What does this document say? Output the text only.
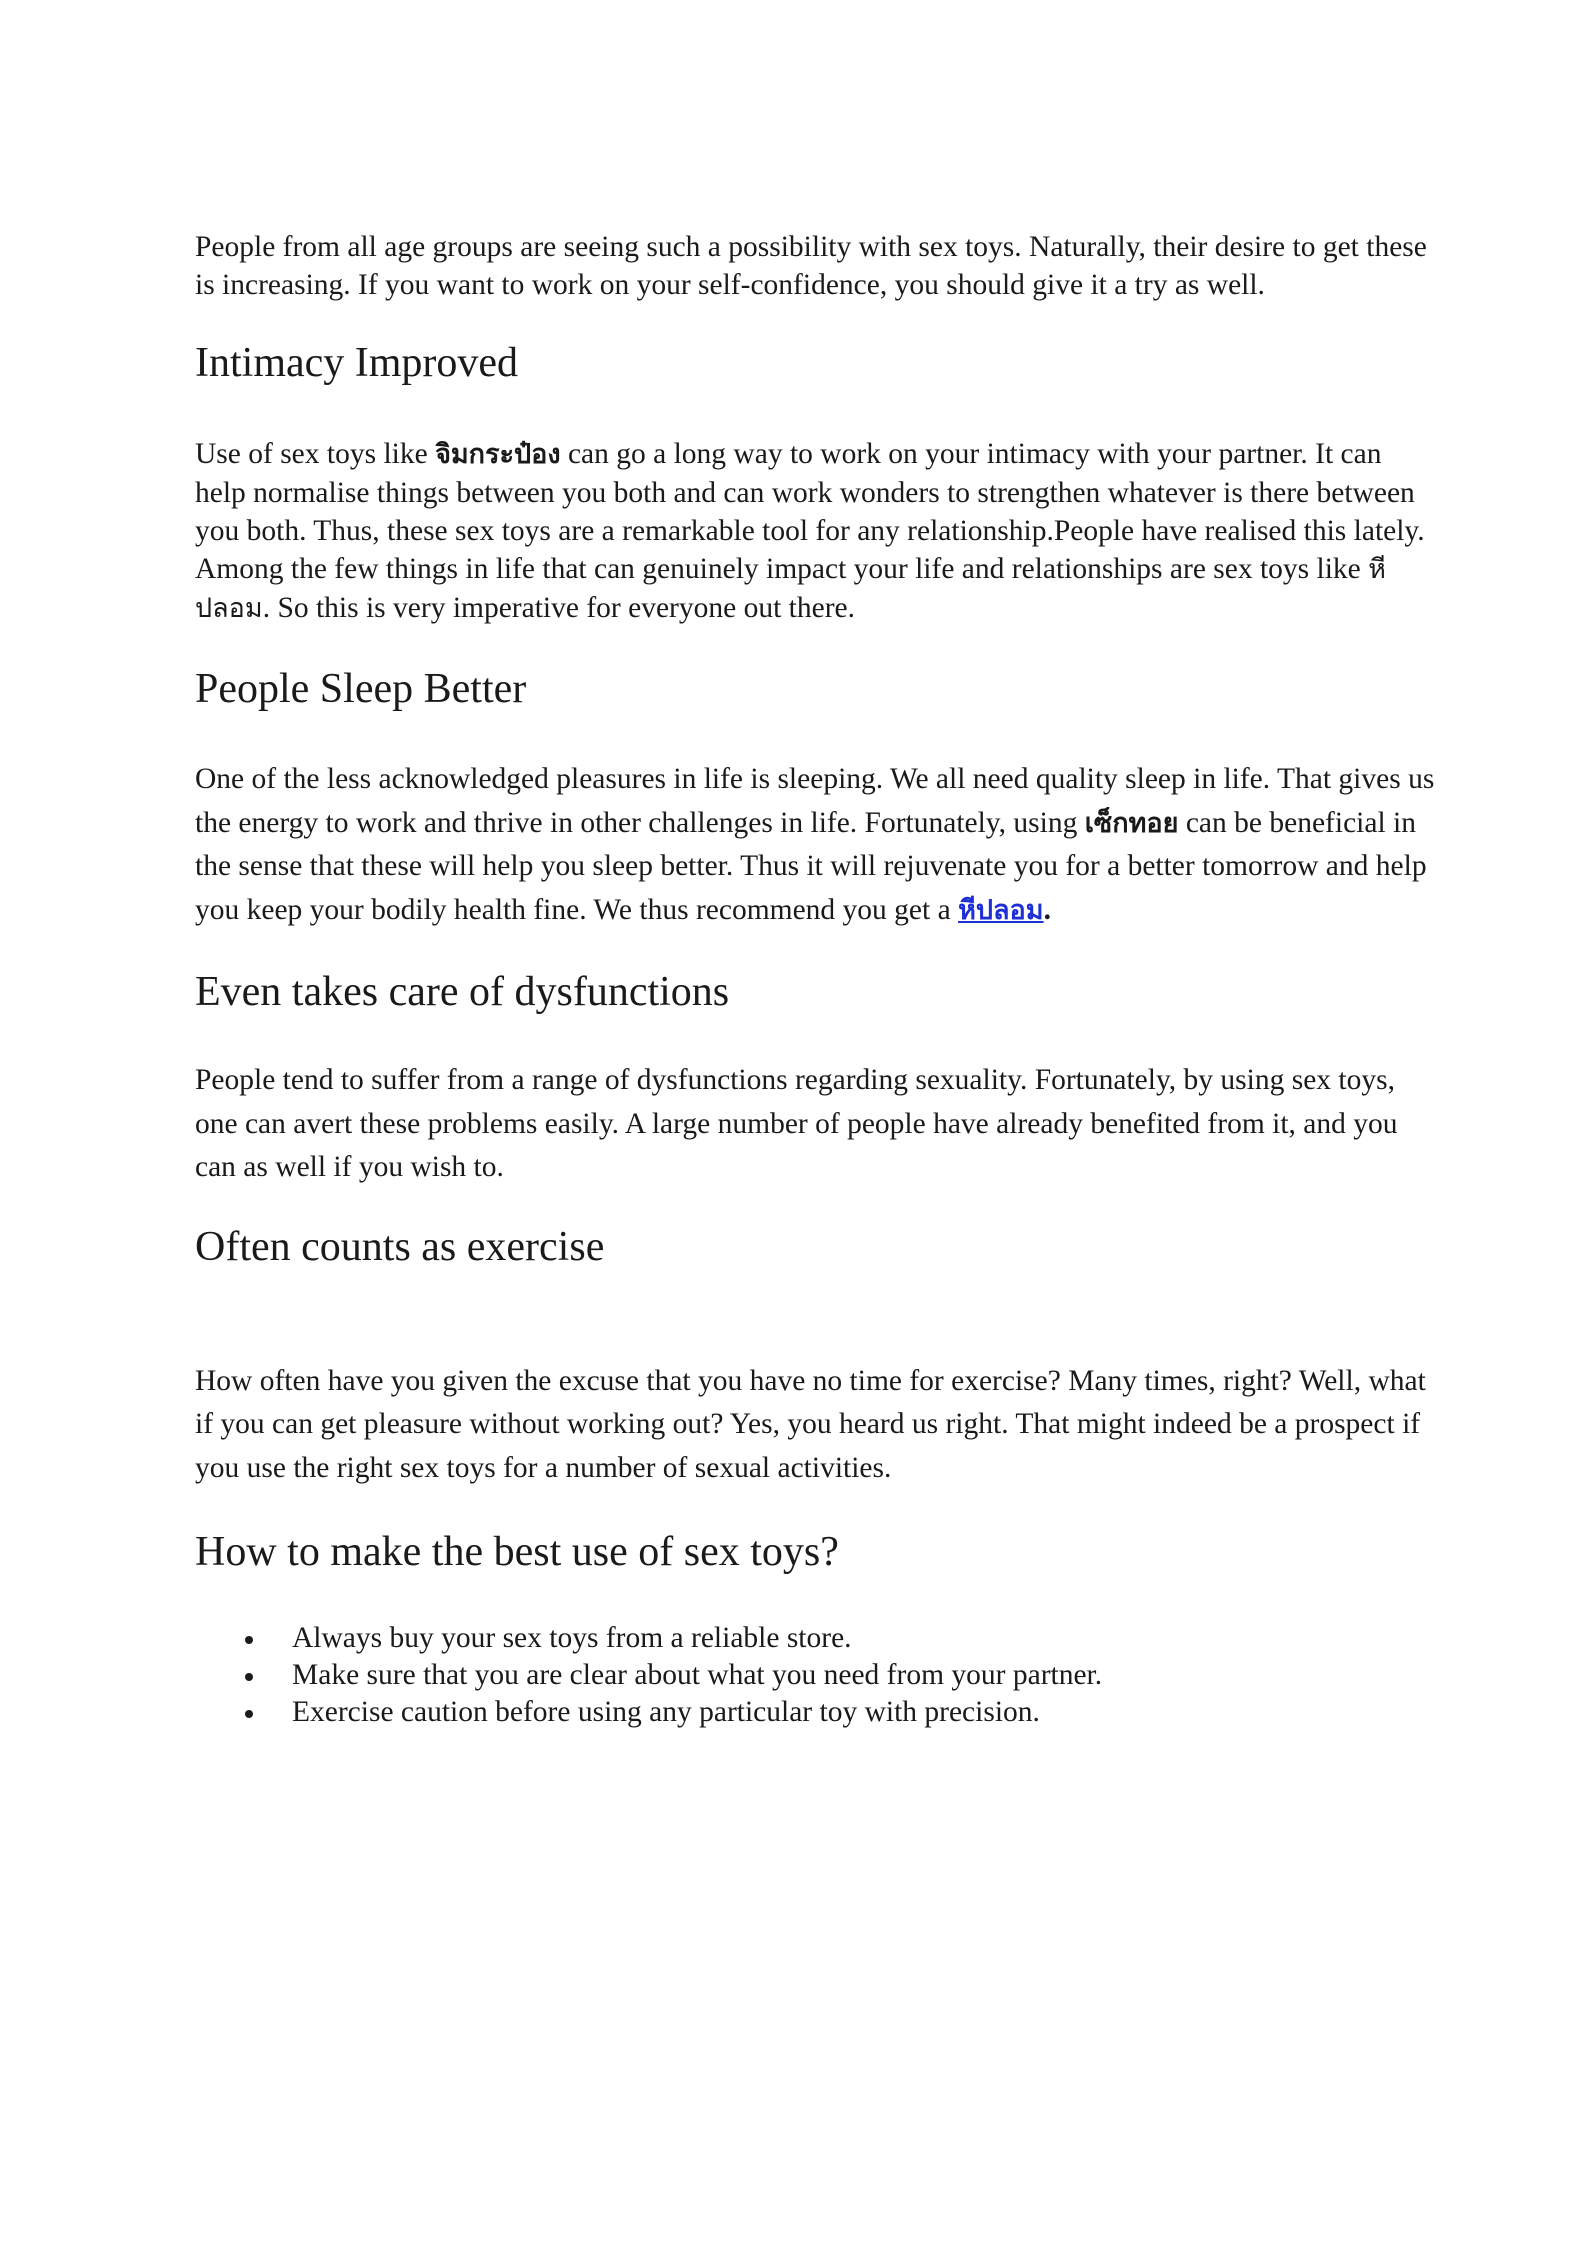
People from all age groups are seeing such a possibility with sex toys. Naturally, their desire to get these is increasing. If you want to work on your self-confidence, you should give it a try as well.

Intimacy Improved

Use of sex toys like จิมกระป๋อง can go a long way to work on your intimacy with your partner. It can help normalise things between you both and can work wonders to strengthen whatever is there between you both. Thus, these sex toys are a remarkable tool for any relationship.People have realised this lately. Among the few things in life that can genuinely impact your life and relationships are sex toys like หีปลอม. So this is very imperative for everyone out there.

People Sleep Better

One of the less acknowledged pleasures in life is sleeping. We all need quality sleep in life. That gives us the energy to work and thrive in other challenges in life. Fortunately, using เซ็กทอย can be beneficial in the sense that these will help you sleep better. Thus it will rejuvenate you for a better tomorrow and help you keep your bodily health fine. We thus recommend you get a หีปลอม.

Even takes care of dysfunctions

People tend to suffer from a range of dysfunctions regarding sexuality. Fortunately, by using sex toys, one can avert these problems easily. A large number of people have already benefited from it, and you can as well if you wish to.

Often counts as exercise

How often have you given the excuse that you have no time for exercise? Many times, right? Well, what if you can get pleasure without working out? Yes, you heard us right. That might indeed be a prospect if you use the right sex toys for a number of sexual activities.

How to make the best use of sex toys?
Always buy your sex toys from a reliable store.
Make sure that you are clear about what you need from your partner.
Exercise caution before using any particular toy with precision.
